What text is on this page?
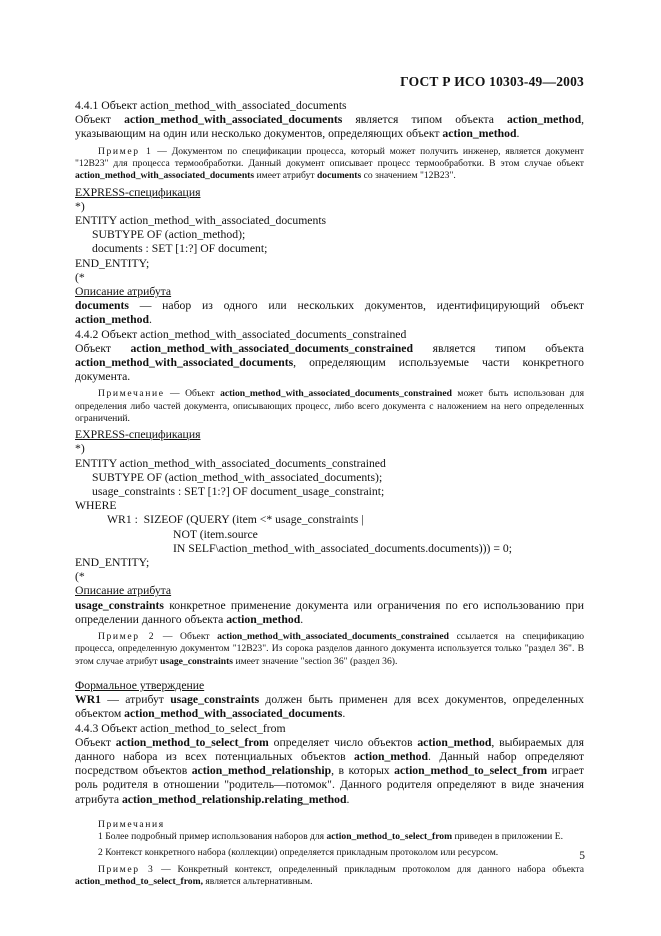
ГОСТ Р ИСО 10303-49—2003

4.4.1 Объект action_method_with_associated_documents

Объект action_method_with_associated_documents является типом объекта action_method, указывающим на один или несколько документов, определяющих объект action_method.

Пример 1 — Документом по спецификации процесса, который может получить инженер, является документ "12В23" для процесса термообработки. Данный документ описывает процесс термообработки. В этом случае объект action_method_with_associated_documents имеет атрибут documents со значением "12В23".

EXPRESS-спецификация

*)
ENTITY action_method_with_associated_documents
SUBTYPE OF (action_method);
documents : SET [1:?] OF document;
END_ENTITY;
(*

Описание атрибута

documents — набор из одного или нескольких документов, идентифицирующий объект action_method.

4.4.2 Объект action_method_with_associated_documents_constrained

Объект action_method_with_associated_documents_constrained является типом объекта action_method_with_associated_documents, определяющим используемые части конкретного документа.

Примечание — Объект action_method_with_associated_documents_constrained может быть использован для определения либо частей документа, описывающих процесс, либо всего документа с наложением на него определенных ограничений.

EXPRESS-спецификация

*)
ENTITY action_method_with_associated_documents_constrained
SUBTYPE OF (action_method_with_associated_documents);
usage_constraints : SET [1:?] OF document_usage_constraint;
WHERE
WR1 :  SIZEOF (QUERY (item <* usage_constraints |
NOT (item.source
IN SELF\action_method_with_associated_documents.documents))) = 0;
END_ENTITY;
(*

Описание атрибута

usage_constraints конкретное применение документа или ограничения по его использованию при определении данного объекта action_method.

Пример 2 — Объект action_method_with_associated_documents_constrained ссылается на спецификацию процесса, определенную документом "12В23". Из сорока разделов данного документа используется только "раздел 36". В этом случае атрибут usage_constraints имеет значение "section 36" (раздел 36).

Формальное утверждение

WR1 — атрибут usage_constraints должен быть применен для всех документов, определенных объектом action_method_with_associated_documents.

4.4.3 Объект action_method_to_select_from

Объект action_method_to_select_from определяет число объектов action_method, выбираемых для данного набора из всех потенциальных объектов action_method. Данный набор определяют посредством объектов action_method_relationship, в которых action_method_to_select_from играет роль родителя в отношении "родитель—потомок". Данного родителя определяют в виде значения атрибута action_method_relationship.relating_method.

Примечания

1 Более подробный пример использования наборов для action_method_to_select_from приведен в приложении Е.

2 Контекст конкретного набора (коллекции) определяется прикладным протоколом или ресурсом.

Пример 3 — Конкретный контекст, определенный прикладным протоколом для данного набора объекта action_method_to_select_from, является альтернативным.

5
